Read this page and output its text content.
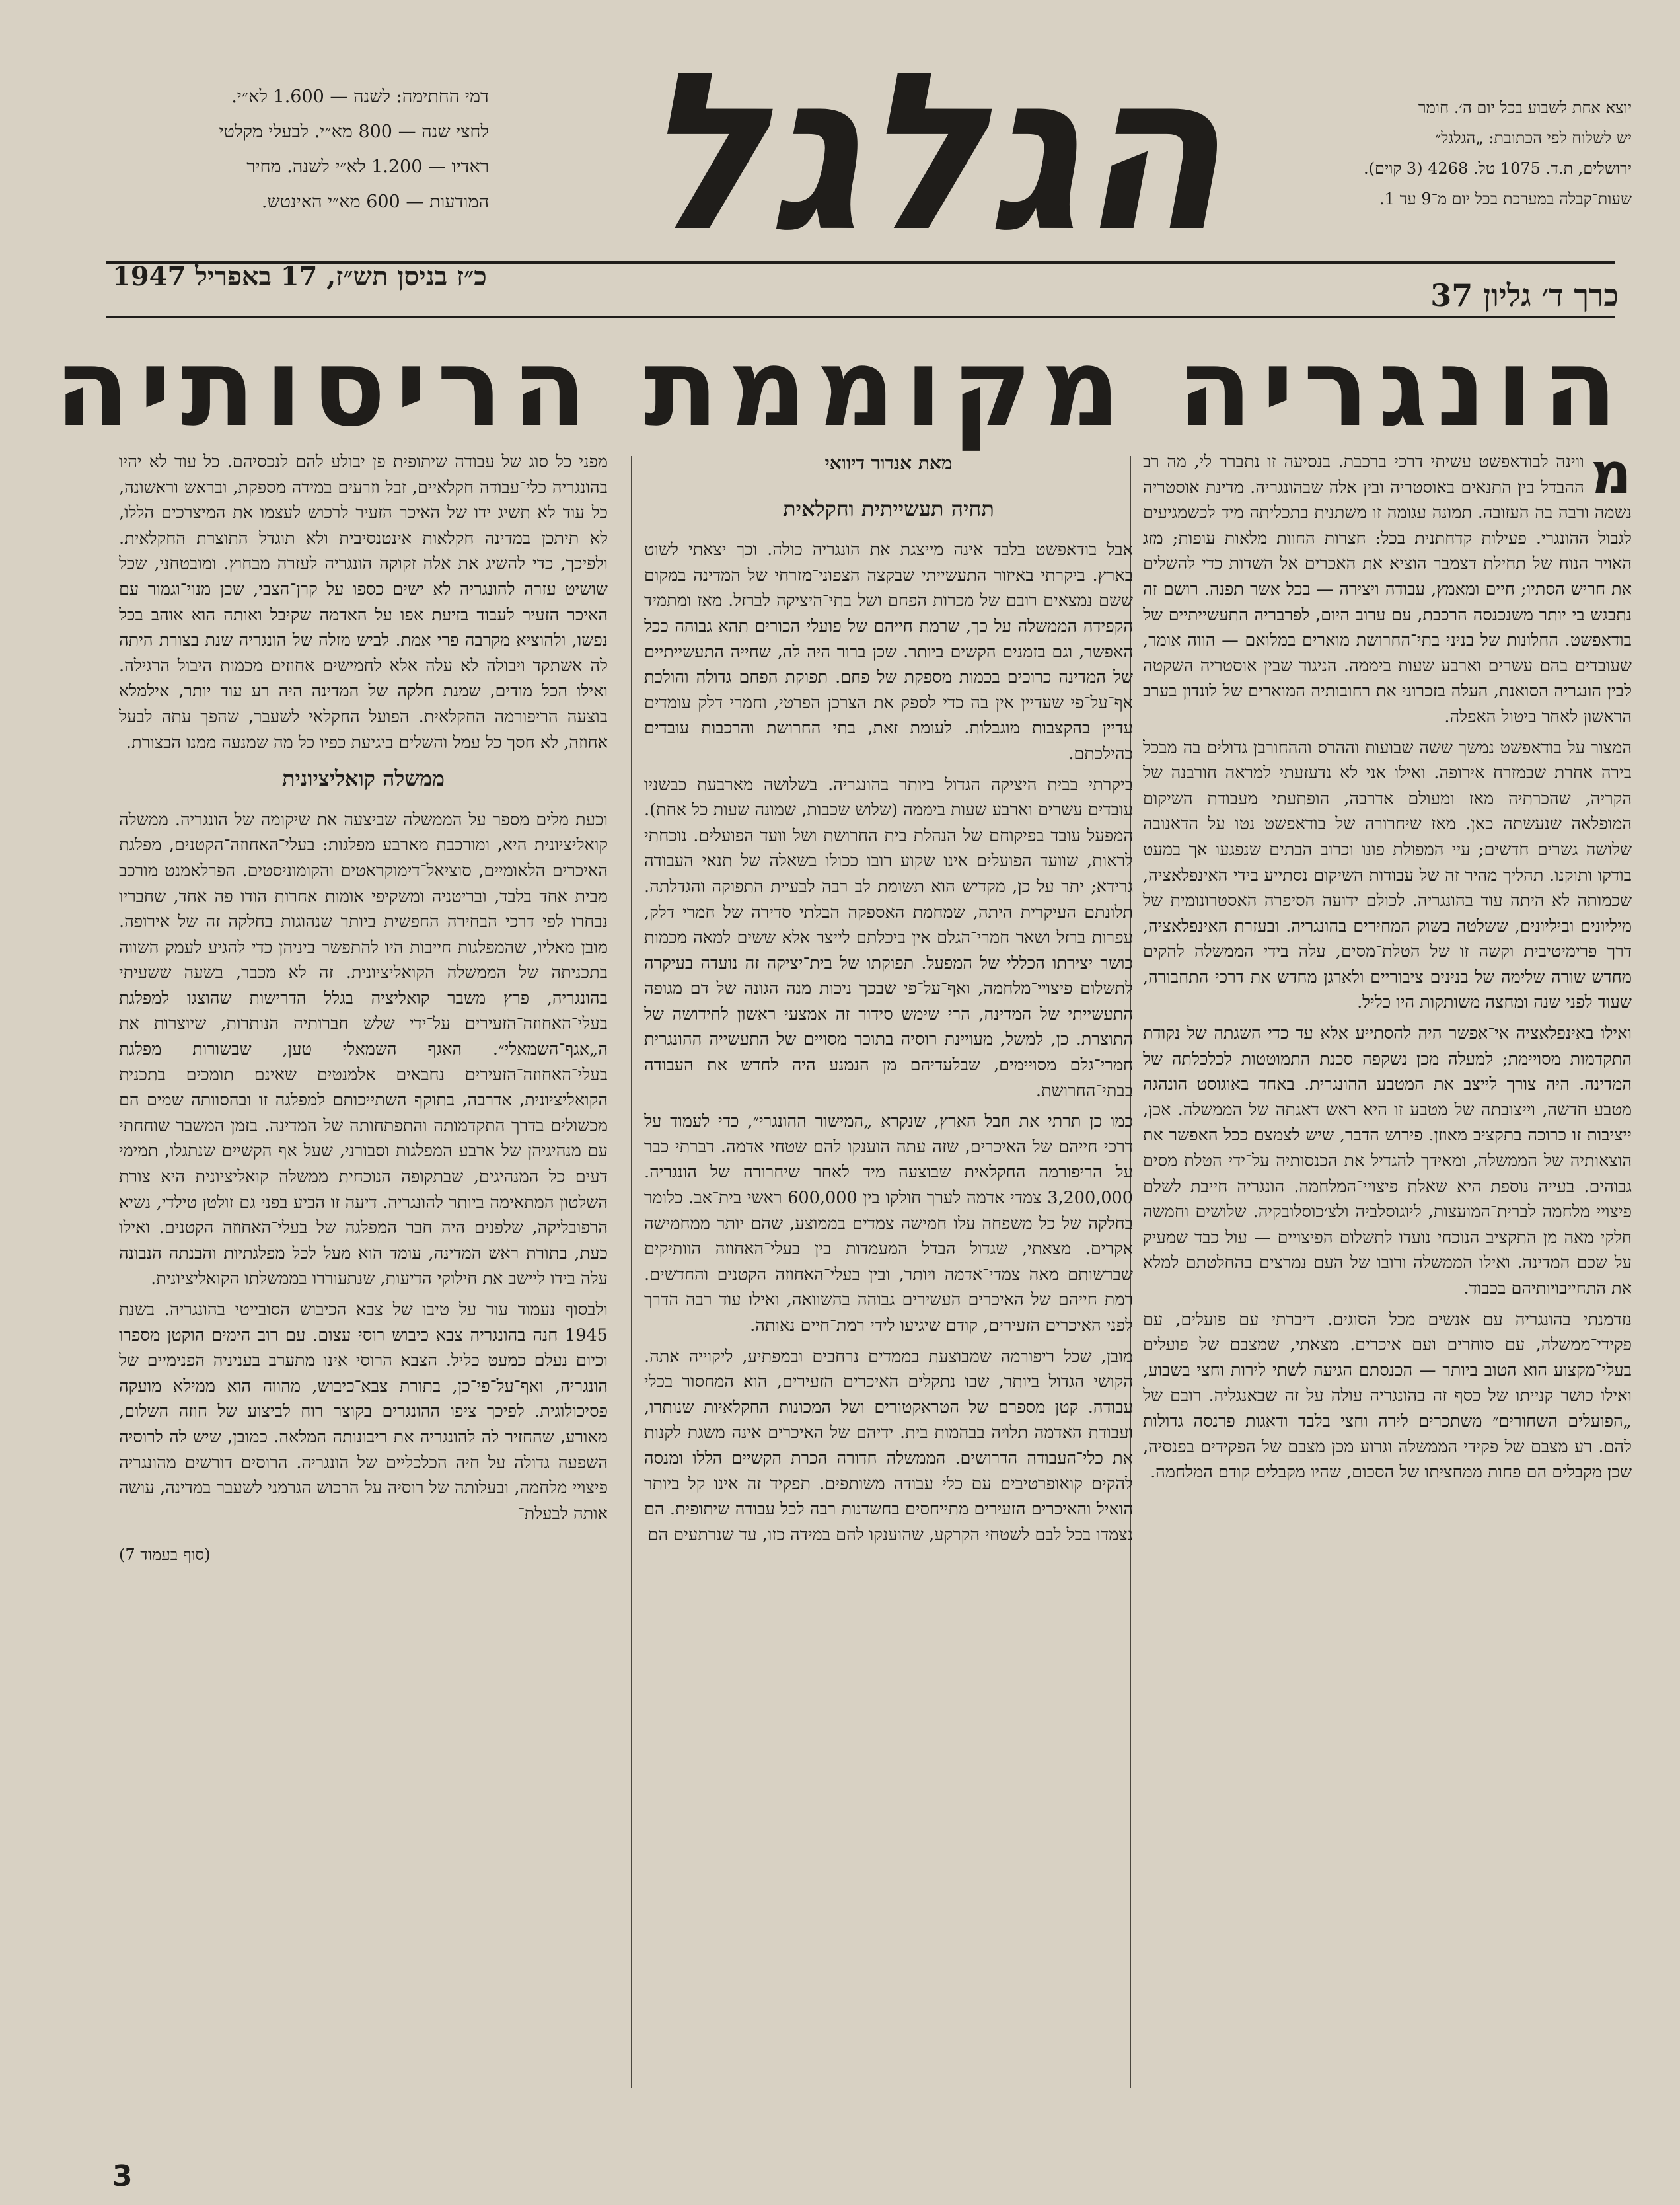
דמי החתימה: לשנה — 1.600 לא״י.
לחצי שנה — 800 מא״י. לבעלי מקלטי
ראדיו — 1.200 לא״י לשנה. מחיר
המודעות — 600 מא״י האינטש. הגלגל	יוצא אחת לשבוע בכל יום ה׳. חומר
יש לשלוח לפי הכתובת: „הגלגל״
ירושלים, ת.ד. 1075 טל. 4268 (3 קוים).
שעות־קבלה במערכת בכל יום מ־9 עד 1.
כרך ד׳ גליון 37
כ״ז בניסן תש״ז, 17 באפריל 1947
הונגריה מקוממת הריסותיה

מ
ווינה לבודאפשט עשיתי דרכי ברכבת. בנסיעה זו נתברר לי, מה רב ההבדל בין התנאים באוסטריה ובין אלה שבהונגריה. מדינת אוסטריה נשמה ורבה בה העזובה. תמונה עגומה זו משתנית בתכליתה מיד לכשמגיעים לגבול ההונגרי. פעילות קדחתנית בכל: חצרות החוות מלאות עופות; מזג האויר הנוח של תחילת דצמבר הוציא את האכרים אל השדות כדי להשלים את חריש הסתיו; חיים ומאמץ, עבודה ויצירה — בכל אשר תפנה. רושם זה נתבגש בי יותר משנכנסה הרכבת, עם ערוב היום, לפרבריה התעשייתיים של בודאפשט. החלונות של בניני בתי־החרושת מוארים במלואם — הווה אומר, שעובדים בהם עשרים וארבע שעות ביממה. הניגוד שבין אוסטריה השקטה לבין הונגריה הסואנת, העלה בזכרוני את רחובותיה המוארים של לונדון בערב הראשון לאחר ביטול האפלה.

המצור על בודאפשט נמשך ששה שבועות וההרס וההחורבן גדולים בה מבכל בירה אחרת שבמזרח אירופה. ואילו אני לא נדעזעתי למראה חורבנה של הקריה, שהכרתיה מאז ומעולם אדרבה, הופתעתי מעבודת השיקום המופלאה שנעשתה כאן. מאז שיחרורה של בודאפשט נטו על הדאנובה שלושה גשרים חדשים; עיי המפולת פונו וכרוב הבתים שנפגעו אך במעט בודקו ותוקנו. תהליך מהיר זה של עבודות השיקום נסתייע בידי האינפלאציה, שכמותה לא היתה עוד בהונגריה. לכולם ידועה הסיפרה האסטרונומית של מיליונים וביליונים, ששלטה בשוק המחירים בהונגריה. ובעזרת האינפלאציה, דרך פרימיטיבית וקשה זו של הטלת־מסים, עלה בידי הממשלה להקים מחדש שורה שלימה של בנינים ציבוריים ולארגן מחדש את דרכי התחבורה, שעוד לפני שנה ומחצה משותקות היו כליל.

ואילו באינפלאציה אי־אפשר היה להסתייע אלא עד כדי השגתה של נקודת התקדמות מסויימת; למעלה מכן נשקפה סכנת התמוטטות לכלכלתה של המדינה. היה צורך לייצב את המטבע ההונגרית. באחד באוגוסט הונהגה מטבע חדשה, וייצובתה של מטבע זו היא ראש דאגתה של הממשלה. אכן, ייציבות זו כרוכה בתקציב מאוזן. פירוש הדבר, שיש לצמצם ככל האפשר את הוצאותיה של הממשלה, ומאידך להגדיל את הכנסותיה על־ידי הטלת מסים גבוהים. בעייה נוספת היא שאלת פיצויי־המלחמה. הונגריה חייבת לשלם פיצויי מלחמה לברית־המועצות, ליוגוסלביה ולצ׳כוסלובקיה. שלושים וחמשה חלקי מאה מן התקציב הנוכחי נועדו לתשלום הפיצויים — עול כבד שמעיק על שכם המדינה. ואילו הממשלה ורובו של העם נמרצים בהחלטתם למלא את התחייבויותיהם בכבוד.

נזדמנתי בהונגריה עם אנשים מכל הסוגים. דיברתי עם פועלים, עם פקידי־ממשלה, עם סוחרים ועם איכרים. מצאתי, שמצבם של פועלים בעלי־מקצוע הוא הטוב ביותר — הכנסתם הגיעה לשתי לירות וחצי בשבוע, ואילו כושר קנייתו של כסף זה בהונגריה עולה על זה שבאנגליה. רובם של „הפועלים השחורים״ משתכרים לירה וחצי בלבד ודאגות פרנסה גדולות להם. רע מצבם של פקידי הממשלה וגרוע מכן מצבם של הפקידים בפנסיה, שכן מקבלים הם פחות ממחציתו של הסכום, שהיו מקבלים קודם המלחמה.

מאת אנדור דיוואי

תחיה תעשייתית וחקלאית

אבל בודאפשט בלבד אינה מייצגת את הונגריה כולה. וכך יצאתי לשוט בארץ. ביקרתי באיזור התעשייתי שבקצה הצפוני־מזרחי של המדינה במקום ששם נמצאים רובם של מכרות הפחם ושל בתי־היציקה לברזל. מאז ומתמיד הקפידה הממשלה על כך, שרמת חייהם של פועלי הכורים תהא גבוהה ככל האפשר, וגם בזמנים הקשים ביותר. שכן ברור היה לה, שחייה התעשייתיים של המדינה כרוכים בכמות מספקת של פחם. תפוקת הפחם גדולה והולכת אף־על־פי שעדיין אין בה כדי לספק את הצרכן הפרטי, וחמרי דלק עומדים עדיין בהקצבות מוגבלות. לעומת זאת, בתי החרושת והרכבות עובדים כהילכתם.

ביקרתי בבית היציקה הגדול ביותר בהונגריה. בשלושה מארבעת כבשניו עובדים עשרים וארבע שעות ביממה (שלוש שכבות, שמונה שעות כל אחת). המפעל עובד בפיקוחם של הנהלת בית החרושת ושל וועד הפועלים. נוכחתי לראות, שוועד הפועלים אינו שקוע רובו ככולו בשאלה של תנאי העבודה גרידא; יתר על כן, מקדיש הוא תשומת לב רבה לבעיית התפוקה והגדלתה. תלונתם העיקרית היתה, שמחמת האספקה הבלתי סדירה של חמרי דלק, עפרות ברזל ושאר חמרי־הגלם אין ביכלתם לייצר אלא ששים למאה מכמות כושר יצירתו הכללי של המפעל. תפוקתו של בית־יציקה זה נועדה בעיקרה לתשלום פיצויי־מלחמה, ואף־על־פי שבכך ניכות מנה הגונה של דם מגופה התעשייתי של המדינה, הרי שימש סידור זה אמצעי ראשון לחידושה של התוצרת. כן, למשל, מעויינת רוסיה בתוכר מסויים של התעשייה ההונגרית חמרי־גלם מסויימים, שבלעדיהם מן הנמנע היה לחדש את העבודה בבתי־החרושת.

כמו כן תרתי את חבל הארץ, שנקרא „המישור ההונגרי״, כדי לעמוד על דרכי חייהם של האיכרים, שזה עתה הוענקו להם שטחי אדמה. דברתי כבר על הריפורמה החקלאית שבוצעה מיד לאחר שיחרורה של הונגריה. 3,200,000 צמדי אדמה לערך חולקו בין 600,000 ראשי בית־אב. כלומר בחלקה של כל משפחה עלו חמישה צמדים בממוצע, שהם יותר ממחמישה אקרים. מצאתי, שגדול הבדל המעמדות בין בעלי־האחוזה הוותיקים שברשותם מאה צמדי־אדמה ויותר, ובין בעלי־האחוזה הקטנים והחדשים. רמת חייהם של האיכרים העשירים גבוהה בהשוואה, ואילו עוד רבה הדרך לפני האיכרים הזעירים, קודם שיגיעו לידי רמת־חיים נאותה.

מובן, שכל ריפורמה שמבוצעת בממדים נרחבים ובמפתיע, ליקוייה אתה. הקושי הגדול ביותר, שבו נתקלים האיכרים הזעירים, הוא המחסור בכלי עבודה. קטן מספרם של הטראקטורים ושל המכונות החקלאיות שנותרו, ועבודת האדמה תלויה בבהמות בית. ידיהם של האיכרים אינה משגת לקנות את כלי־העבודה הדרושים. הממשלה חדורה הכרת הקשיים הללו ומנסה להקים קואופרטיבים עם כלי עבודה משותפים. תפקיד זה אינו קל ביותר הואיל והאיכרים הזעירים מתייחסים בחשדנות רבה לכל עבודה שיתופית. הם נצמדו בכל לבם לשטחי הקרקע, שהוענקו להם במידה כזו, עד שנרתעים הם

מפני כל סוג של עבודה שיתופית פן יבולע להם לנכסיהם. כל עוד לא יהיו בהונגריה כלי־עבודה חקלאיים, זבל וזרעים במידה מספקת, ובראש וראשונה, כל עוד לא תשיג ידו של האיכר הזעיר לרכוש לעצמו את המיצרכים הללו, לא תיתכן במדינה חקלאות אינטנסיבית ולא תוגדל התוצרת החקלאית. ולפיכך, כדי להשיג את אלה זקוקה הונגריה לעזרה מבחוץ. ומובטחני, שכל שושיט עזרה להונגריה לא ישים כספו על קרן־הצבי, שכן מנוי־וגמור עם האיכר הזעיר לעבוד בזיעת אפו על האדמה שקיבל ואותה הוא אוהב בכל נפשו, ולהוציא מקרבה פרי אמת. לביש מזלה של הונגריה שנת בצורת היתה לה אשתקד ויבולה לא עלה אלא לחמישים אחוזים מכמות היבול הרגילה. ואילו הכל מודים, שמנת חלקה של המדינה היה רע עוד יותר, אילמלא בוצעה הריפורמה החקלאית. הפועל החקלאי לשעבר, שהפך עתה לבעל אחוזה, לא חסך כל עמל והשלים ביגיעת כפיו כל מה שמנעה ממנו הבצורת.

ממשלה קואליציונית

וכעת מלים מספר על הממשלה שביצעה את שיקומה של הונגריה. ממשלה קואליציונית היא, ומורכבת מארבע מפלגות: בעלי־האחוזה־הקטנים, מפלגת האיכרים הלאומיים, סוציאל־דימוקראטים והקומוניסטים. הפרלאמנט מורכב מבית אחד בלבד, ובריטניה ומשקיפי אומות אחרות הודו פה אחד, שחבריו נבחרו לפי דרכי הבחירה החפשית ביותר שנהוגות בחלקה זה של אירופה. מובן מאליו, שהמפלגות חייבות היו להתפשר ביניהן כדי להגיע לעמק השווה בתכניתה של הממשלה הקואליציונית. זה לא מכבר, בשעה ששעיתי בהונגריה, פרץ משבר קואליציה בגלל הדרישות שהוצגו למפלגת בעלי־האחוזה־הזעירים על־ידי שלש חברותיה הנותרות, שיוצרות את ה„אגף־השמאלי״. האגף השמאלי טען, שבשורות מפלגת בעלי־האחוזה־הזעירים נחבאים אלמנטים שאינם תומכים בתכנית הקואליציונית, אדרבה, בתוקף השתייכותם למפלגה זו ובהסוותה שמים הם מכשולים בדרך התקדמותה והתפתחותה של המדינה. בזמן המשבר שוחחתי עם מנהיגיהן של ארבע המפלגות וסבורני, שעל אף הקשיים שנתגלו, תמימי דעים כל המנהיגים, שבתקופה הנוכחית ממשלה קואליציונית היא צורת השלטון המתאימה ביותר להונגריה. דיעה זו הביע בפני גם זולטן טילדי, נשיא הרפובליקה, שלפנים היה חבר המפלגה של בעלי־האחוזה הקטנים. ואילו כעת, בתורת ראש המדינה, עומד הוא מעל לכל מפלגתיות והבנתה הנבונה עלה בידו ליישב את חילוקי הדיעות, שנתעוררו בממשלתו הקואליציונית.

ולבסוף נעמוד עוד על טיבו של צבא הכיבוש הסובייטי בהונגריה. בשנת 1945 חנה בהונגריה צבא כיבוש רוסי עצום. עם רוב הימים הוקטן מספרו וכיום נעלם כמעט כליל. הצבא הרוסי אינו מתערב בעניניה הפנימיים של הונגריה, ואף־על־פי־כן, בתורת צבא־כיבוש, מהווה הוא ממילא מועקה פסיכולוגית. לפיכך ציפו ההונגרים בקוצר רוח לביצוע של חוזה השלום, מאורע, שהחזיר לה להונגריה את ריבונותה המלאה. כמובן, שיש לה לרוסיה השפעה גדולה על חיה הכלכליים של הונגריה. הרוסים דורשים מהונגריה פיצויי מלחמה, ובעלותה של רוסיה על הרכוש הגרמני לשעבר במדינה, עושה אותה לבעלת־

(סוף בעמוד 7)

3
